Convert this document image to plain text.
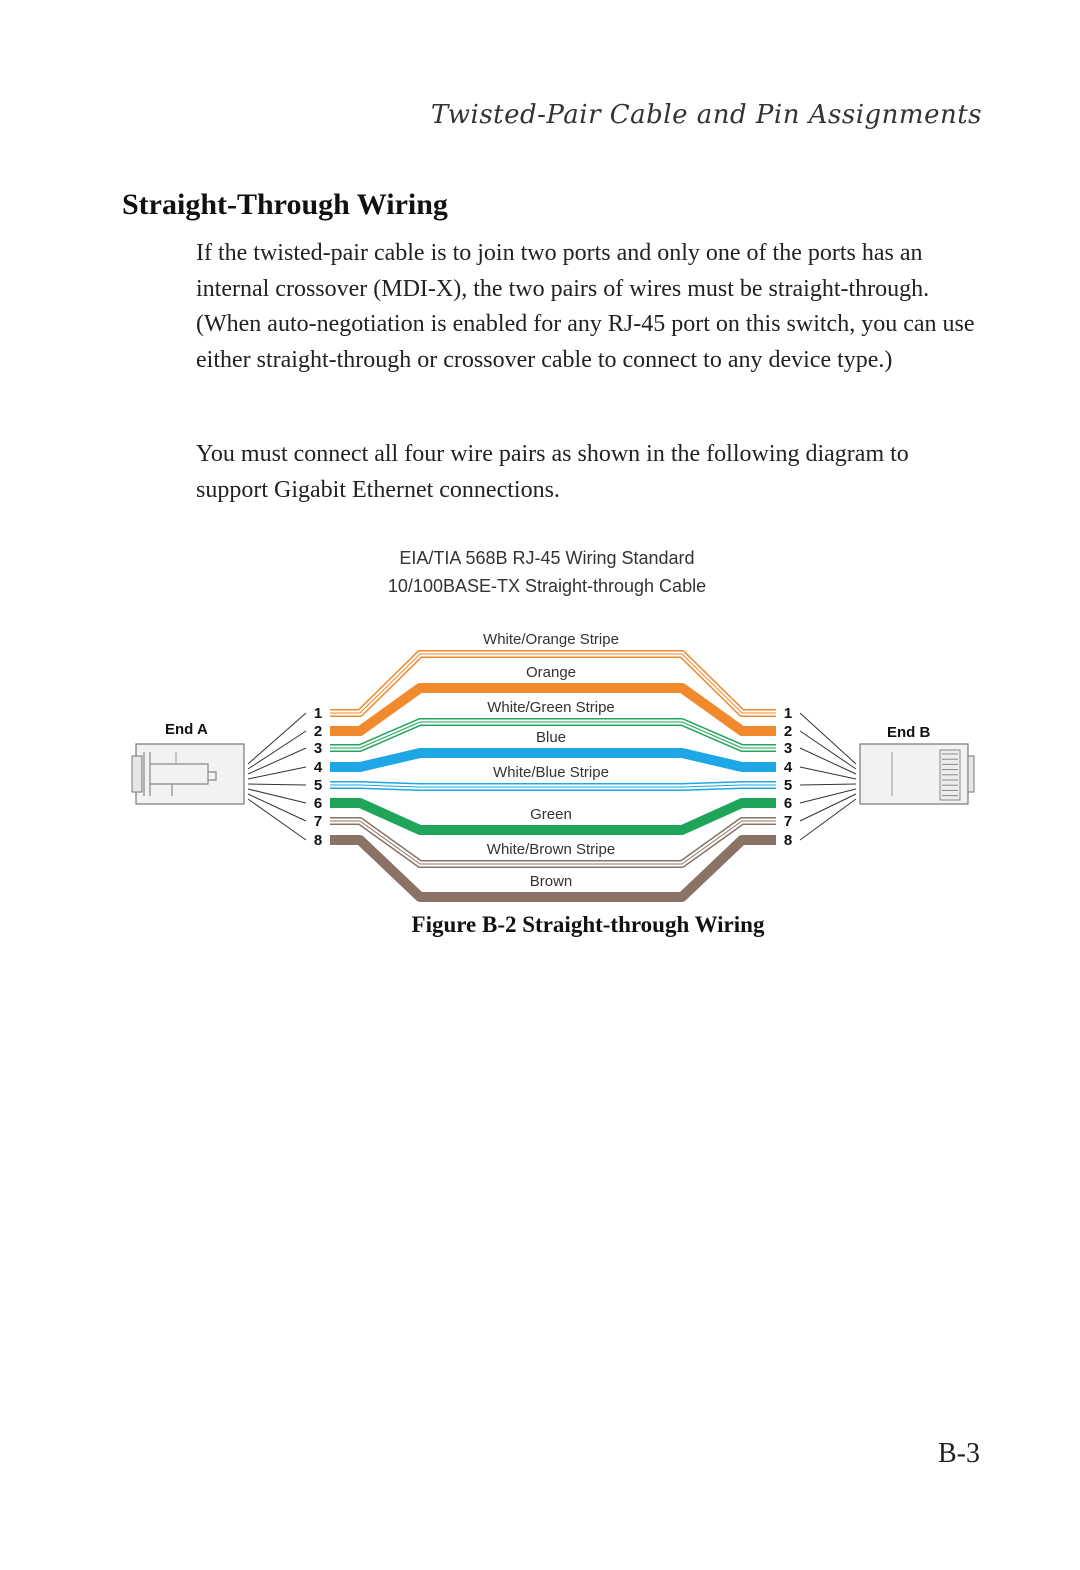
Twisted-Pair Cable and Pin Assignments
Straight-Through Wiring

If the twisted-pair cable is to join two ports and only one of the ports has an internal crossover (MDI-X), the two pairs of wires must be straight-through. (When auto-negotiation is enabled for any RJ-45 port on this switch, you can use either straight-through or crossover cable to connect to any device type.)

You must connect all four wire pairs as shown in the following diagram to support Gigabit Ethernet connections.

EIA/TIA 568B RJ-45 Wiring Standard
10/100BASE-TX Straight-through Cable
White/Orange Stripe
Orange
White/Green Stripe
Blue
White/Blue Stripe
Green
White/Brown Stripe
Brown
End A	End B
1	1
2	2
3	3
4	4
5	5
6	6
7	7
8	8
Figure B-2 Straight-through Wiring
B-3
